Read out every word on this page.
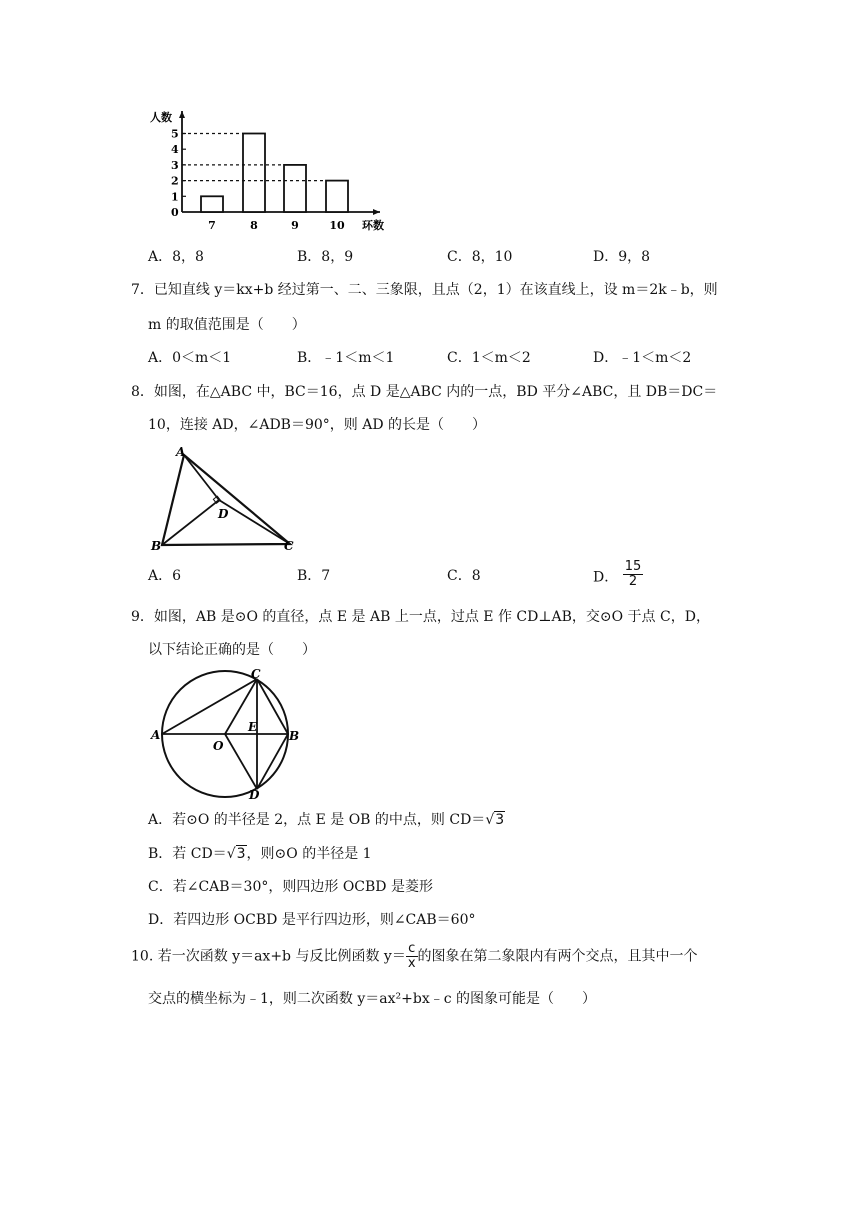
0
1
2
3
4
5
7	8	9	10
人数
环数
A．8，8	B．8，9	C．8，10	D．9，8
7．已知直线 y＝kx+b 经过第一、二、三象限，且点（2，1）在该直线上，设 m＝2k﹣b，则
m 的取值范围是（　　）
A．0＜m＜1	B．﹣1＜m＜1	C．1＜m＜2	D．﹣1＜m＜2
8．如图，在△ABC 中，BC＝16，点 D 是△ABC 内的一点，BD 平分∠ABC，且 DB＝DC＝
10，连接 AD，∠ADB＝90°，则 AD 的长是（　　）
A
B	C
D
A．6	B．7	C．8	D． $\frac{15}{2}$
9．如图，AB 是⊙O 的直径，点 E 是 AB 上一点，过点 E 作 CD⊥AB，交⊙O 于点 C，D，
以下结论正确的是（　　）
A	B
C
D
O
E
A．若⊙O 的半径是 2，点 E 是 OB 的中点，则 CD＝√3
B．若 CD＝√3，则⊙O 的半径是 1
C．若∠CAB＝30°，则四边形 OCBD 是菱形
D．若四边形 OCBD 是平行四边形，则∠CAB＝60°
10. 若一次函数 y＝ax+b 与反比例函数 $y= \frac{c}{x}$ 的图象在第二象限内有两个交点，且其中一个
交点的横坐标为﹣1，则二次函数 y＝ax²+bx﹣c 的图象可能是（　　）
